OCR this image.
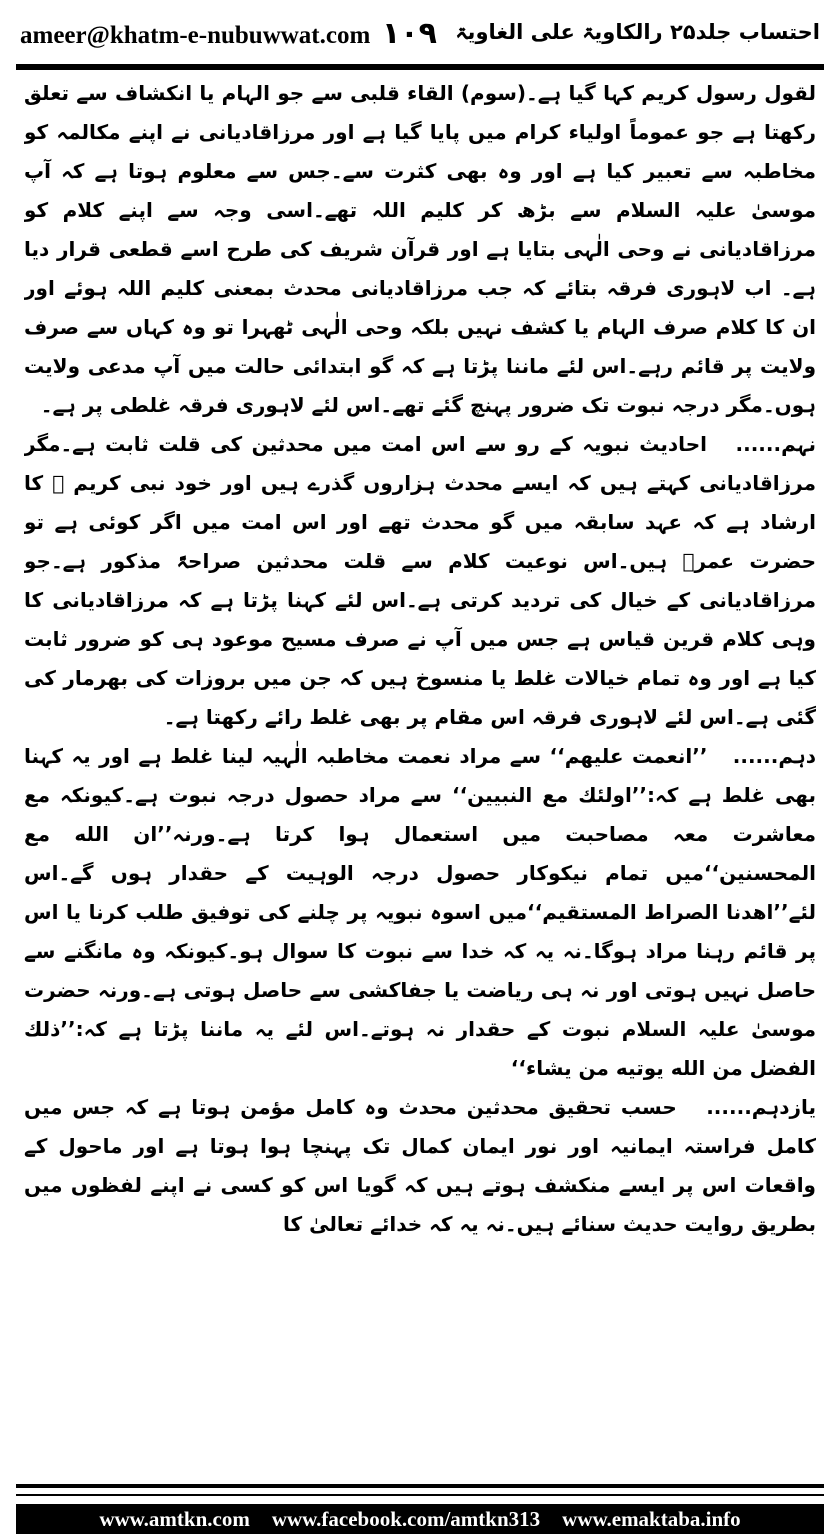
ameer@khatm-e-nubuwwat.com ۱۰۹ احتساب جلد۲۵ رالکاویۃ علی الغاویۃ

لقول رسول کریم کہا گیا ہے۔(سوم) القاء قلبی سے جو الہام یا انکشاف سے تعلق رکھتا ہے جو عموماً اولیاء کرام میں پایا گیا ہے اور مرزاقادیانی نے اپنے مکالمہ کو مخاطبہ سے تعبیر کیا ہے اور وہ بھی کثرت سے۔جس سے معلوم ہوتا ہے کہ آپ موسیٰ علیہ السلام سے بڑھ کر کلیم اللہ تھے۔اسی وجہ سے اپنے کلام کو مرزاقادیانی نے وحی الٰہی بتایا ہے اور قرآن شریف کی طرح اسے قطعی قرار دیا ہے۔ اب لاہوری فرقہ بتائے کہ جب مرزاقادیانی محدث بمعنی کلیم اللہ ہوئے اور ان کا کلام صرف الہام یا کشف نہیں بلکہ وحی الٰہی ٹھہرا تو وہ کہاں سے صرف ولایت پر قائم رہے۔اس لئے ماننا پڑتا ہے کہ گو ابتدائی حالت میں آپ مدعی ولایت ہوں۔مگر درجہ نبوت تک ضرور پہنچ گئے تھے۔اس لئے لاہوری فرقہ غلطی پر ہے۔

نہم......   احادیث نبویہ کے رو سے اس امت میں محدثین کی قلت ثابت ہے۔مگر مرزاقادیانی کہتے ہیں کہ ایسے محدث ہزاروں گذرے ہیں اور خود نبی کریم ﷺ کا ارشاد ہے کہ عہد سابقہ میں گو محدث تھے اور اس امت میں اگر کوئی ہے تو حضرت عمرؓ ہیں۔اس نوعیت کلام سے قلت محدثین صراحۃً مذکور ہے۔جو مرزاقادیانی کے خیال کی تردید کرتی ہے۔اس لئے کہنا پڑتا ہے کہ مرزاقادیانی کا وہی کلام قرین قیاس ہے جس میں آپ نے صرف مسیح موعود ہی کو ضرور ثابت کیا ہے اور وہ تمام خیالات غلط یا منسوخ ہیں کہ جن میں بروزات کی بھرمار کی گئی ہے۔اس لئے لاہوری فرقہ اس مقام پر بھی غلط رائے رکھتا ہے۔

دہم......   ’’انعمت علیهم‘‘ سے مراد نعمت مخاطبہ الٰہیہ لینا غلط ہے اور یہ کہنا بھی غلط ہے کہ:’’اولئك مع النبیین‘‘ سے مراد حصول درجہ نبوت ہے۔کیونکہ مع معاشرت معہ مصاحبت میں استعمال ہوا کرتا ہے۔ورنہ’’ان الله مع المحسنین‘‘میں تمام نیکوکار حصول درجہ الوہیت کے حقدار ہوں گے۔اس لئے’’اهدنا الصراط المستقیم‘‘میں اسوہ نبویہ پر چلنے کی توفیق طلب کرنا یا اس پر قائم رہنا مراد ہوگا۔نہ یہ کہ خدا سے نبوت کا سوال ہو۔کیونکہ وہ مانگنے سے حاصل نہیں ہوتی اور نہ ہی ریاضت یا جفاکشی سے حاصل ہوتی ہے۔ورنہ حضرت موسیٰ علیہ السلام نبوت کے حقدار نہ ہوتے۔اس لئے یہ ماننا پڑتا ہے کہ:’’ذلك الفضل من الله یوتیه من یشاء‘‘

یازدہم......   حسب تحقیق محدثین محدث وہ کامل مؤمن ہوتا ہے کہ جس میں کامل فراستہ ایمانیہ اور نور ایمان کمال تک پہنچا ہوا ہوتا ہے اور ماحول کے واقعات اس پر ایسے منکشف ہوتے ہیں کہ گویا اس کو کسی نے اپنے لفظوں میں بطریق روایت حدیث سنائے ہیں۔نہ یہ کہ خدائے تعالیٰ کا

www.amtkn.com www.facebook.com/amtkn313 www.emaktaba.info
